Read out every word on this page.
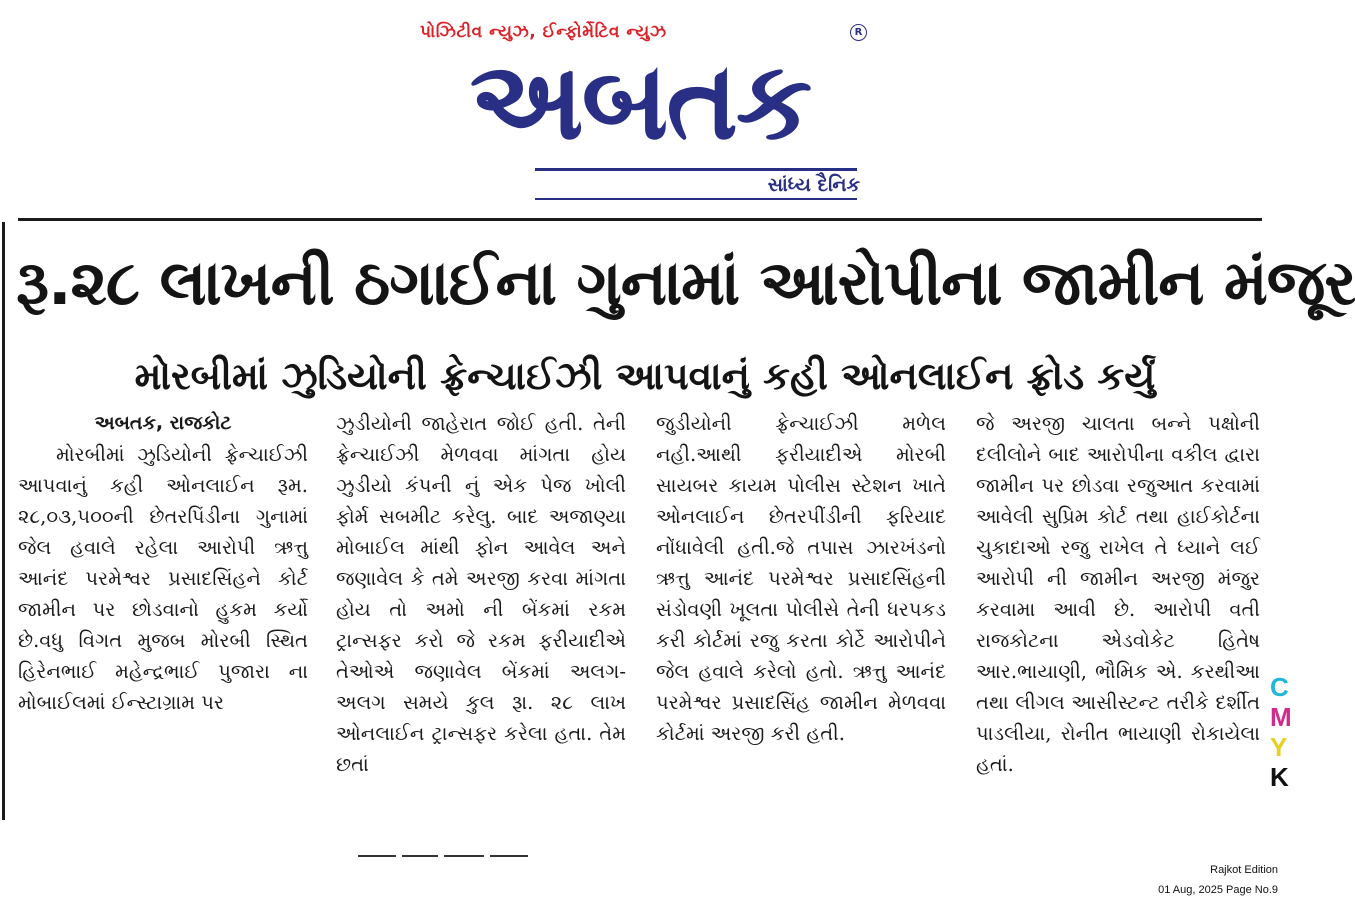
પોઝિટીવ ન્યુઝ, ઈન્ફોર્મેટિવ ન્યુઝ	R
અબતક
સાંધ્ય દૈનિક
રૂ.૨૮ લાખની ઠગાઈના ગુનામાં આરોપીના જામીન મંજૂર
મોરબીમાં ઝુડિયોની ફ્રેન્ચાઈઝી આપવાનું કહી ઓનલાઈન ફ્રોડ કર્યું
અબતક, રાજકોટ
મોરબીમાં ઝુડિયોની ફ્રેન્ચાઈઝી આપવાનું કહી ઓનલાઈન રૂમ. ૨૮,૦૩,૫૦૦ની છેતરપિંડીના ગુનામાં જેલ હવાલે રહેલા આરોપી ઋત્તુ આનંદ પરમેશ્વર પ્રસાદસિંહને કોર્ટ જામીન પર છોડવાનો હુકમ કર્યો છે.વધુ વિગત મુજબ મોરબી સ્થિત હિરેનભાઈ મહેન્દ્રભાઈ પુજારા ના મોબાઈલમાં ઈન્સ્ટાગ્રામ પર
ઝુડીયોની જાહેરાત જોઈ હતી. તેની ફ્રેન્ચાઈઝી મેળવવા માંગતા હોય ઝુડીયો કંપની નું એક પેજ ખોલી ફોર્મ સબમીટ કરેલુ. બાદ અજાણ્યા મોબાઈલ માંથી ફોન આવેલ અને જણાવેલ કે તમે અરજી કરવા માંગતા હોય તો અમો ની બેંકમાં રકમ ટ્રાન્સફર કરો જે રકમ ફરીયાદીએ તેઓએ જણાવેલ બેંકમાં અલગ-અલગ સમયે કુલ રૂા. ૨૮ લાખ ઓનલાઈન ટ્રાન્સફર કરેલા હતા. તેમ છતાં
જુડીયોની ફ્રેન્ચાઈઝી મળેલ નહી.આથી ફરીયાદીએ મોરબી સાયબર કાયમ પોલીસ સ્ટેશન ખાતે ઓનલાઈન છેતરપીંડીની ફરિયાદ નોંધાવેલી હતી.જે તપાસ ઝારખંડનો ઋત્તુ આનંદ પરમેશ્વર પ્રસાદસિંહની સંડોવણી ખૂલતા પોલીસે તેની ધરપકડ કરી કોર્ટમાં રજુ કરતા કોર્ટે આરોપીને જેલ હવાલે કરેલો હતો. ઋત્તુ આનંદ પરમેશ્વર પ્રસાદસિંહ જામીન મેળવવા કોર્ટમાં અરજી કરી હતી.
જે અરજી ચાલતા બન્ને પક્ષોની દલીલોને બાદ આરોપીના વકીલ દ્વારા જામીન પર છોડવા રજુઆત કરવામાં આવેલી સુપ્રિમ કોર્ટ તથા હાઈકોર્ટના ચુકાદાઓ રજુ રાખેલ તે ધ્યાને લઈ આરોપી ની જામીન અરજી મંજુર કરવામા આવી છે. આરોપી વતી રાજકોટના એડવોકેટ હિતેષ આર.ભાયાણી, ભૌમિક એ. કરથીઆ તથા લીગલ આસીસ્ટન્ટ તરીકે દર્શીત પાડલીયા, રોનીત ભાયાણી રોકાયેલા હતાં.
C
M
Y
K
Rajkot Edition
01 Aug, 2025 Page No.9
